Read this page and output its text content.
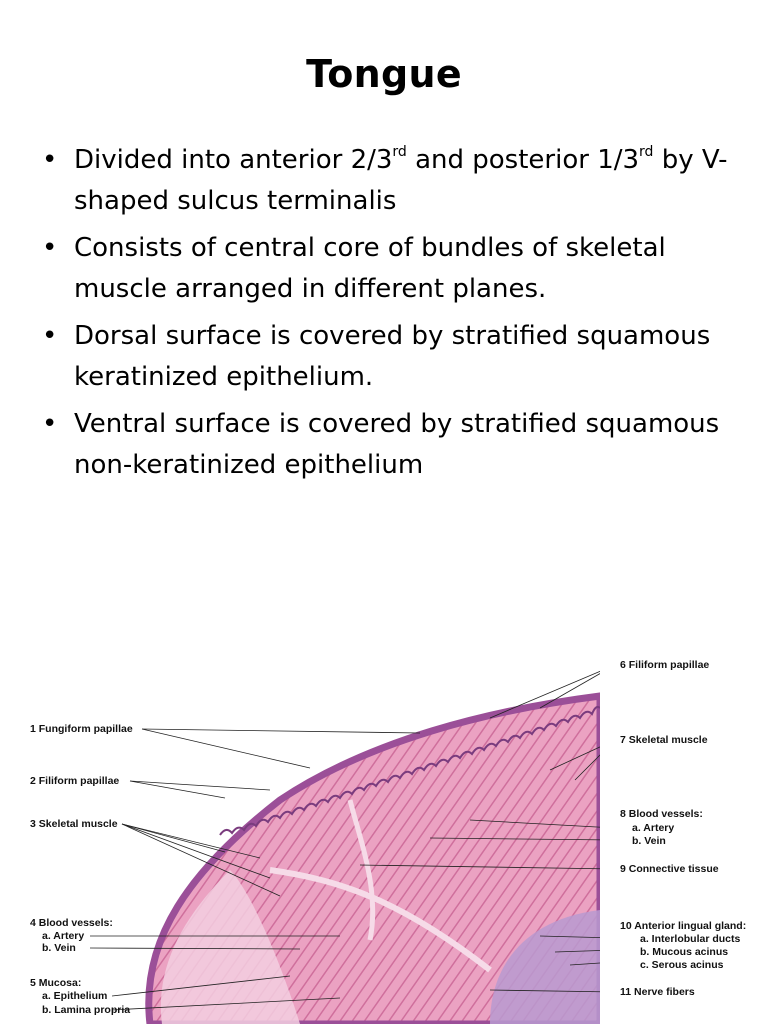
Tongue
• Divided into anterior 2/3rd and posterior 1/3rd by V- shaped sulcus terminalis
• Consists of central core of bundles of skeletal muscle arranged in different planes.
• Dorsal surface is covered by stratified squamous keratinized epithelium.
• Ventral surface is covered by stratified squamous non-keratinized epithelium
1 Fungiform papillae
2 Filiform papillae
3 Skeletal muscle
4 Blood vessels:
a. Artery
b. Vein
5 Mucosa:
a. Epithelium
b. Lamina propria
6 Filiform papillae
7 Skeletal muscle
8 Blood vessels:
a. Artery
b. Vein
9 Connective tissue
10 Anterior lingual gland:
a. Interlobular ducts
b. Mucous acinus
c. Serous acinus
11 Nerve fibers
